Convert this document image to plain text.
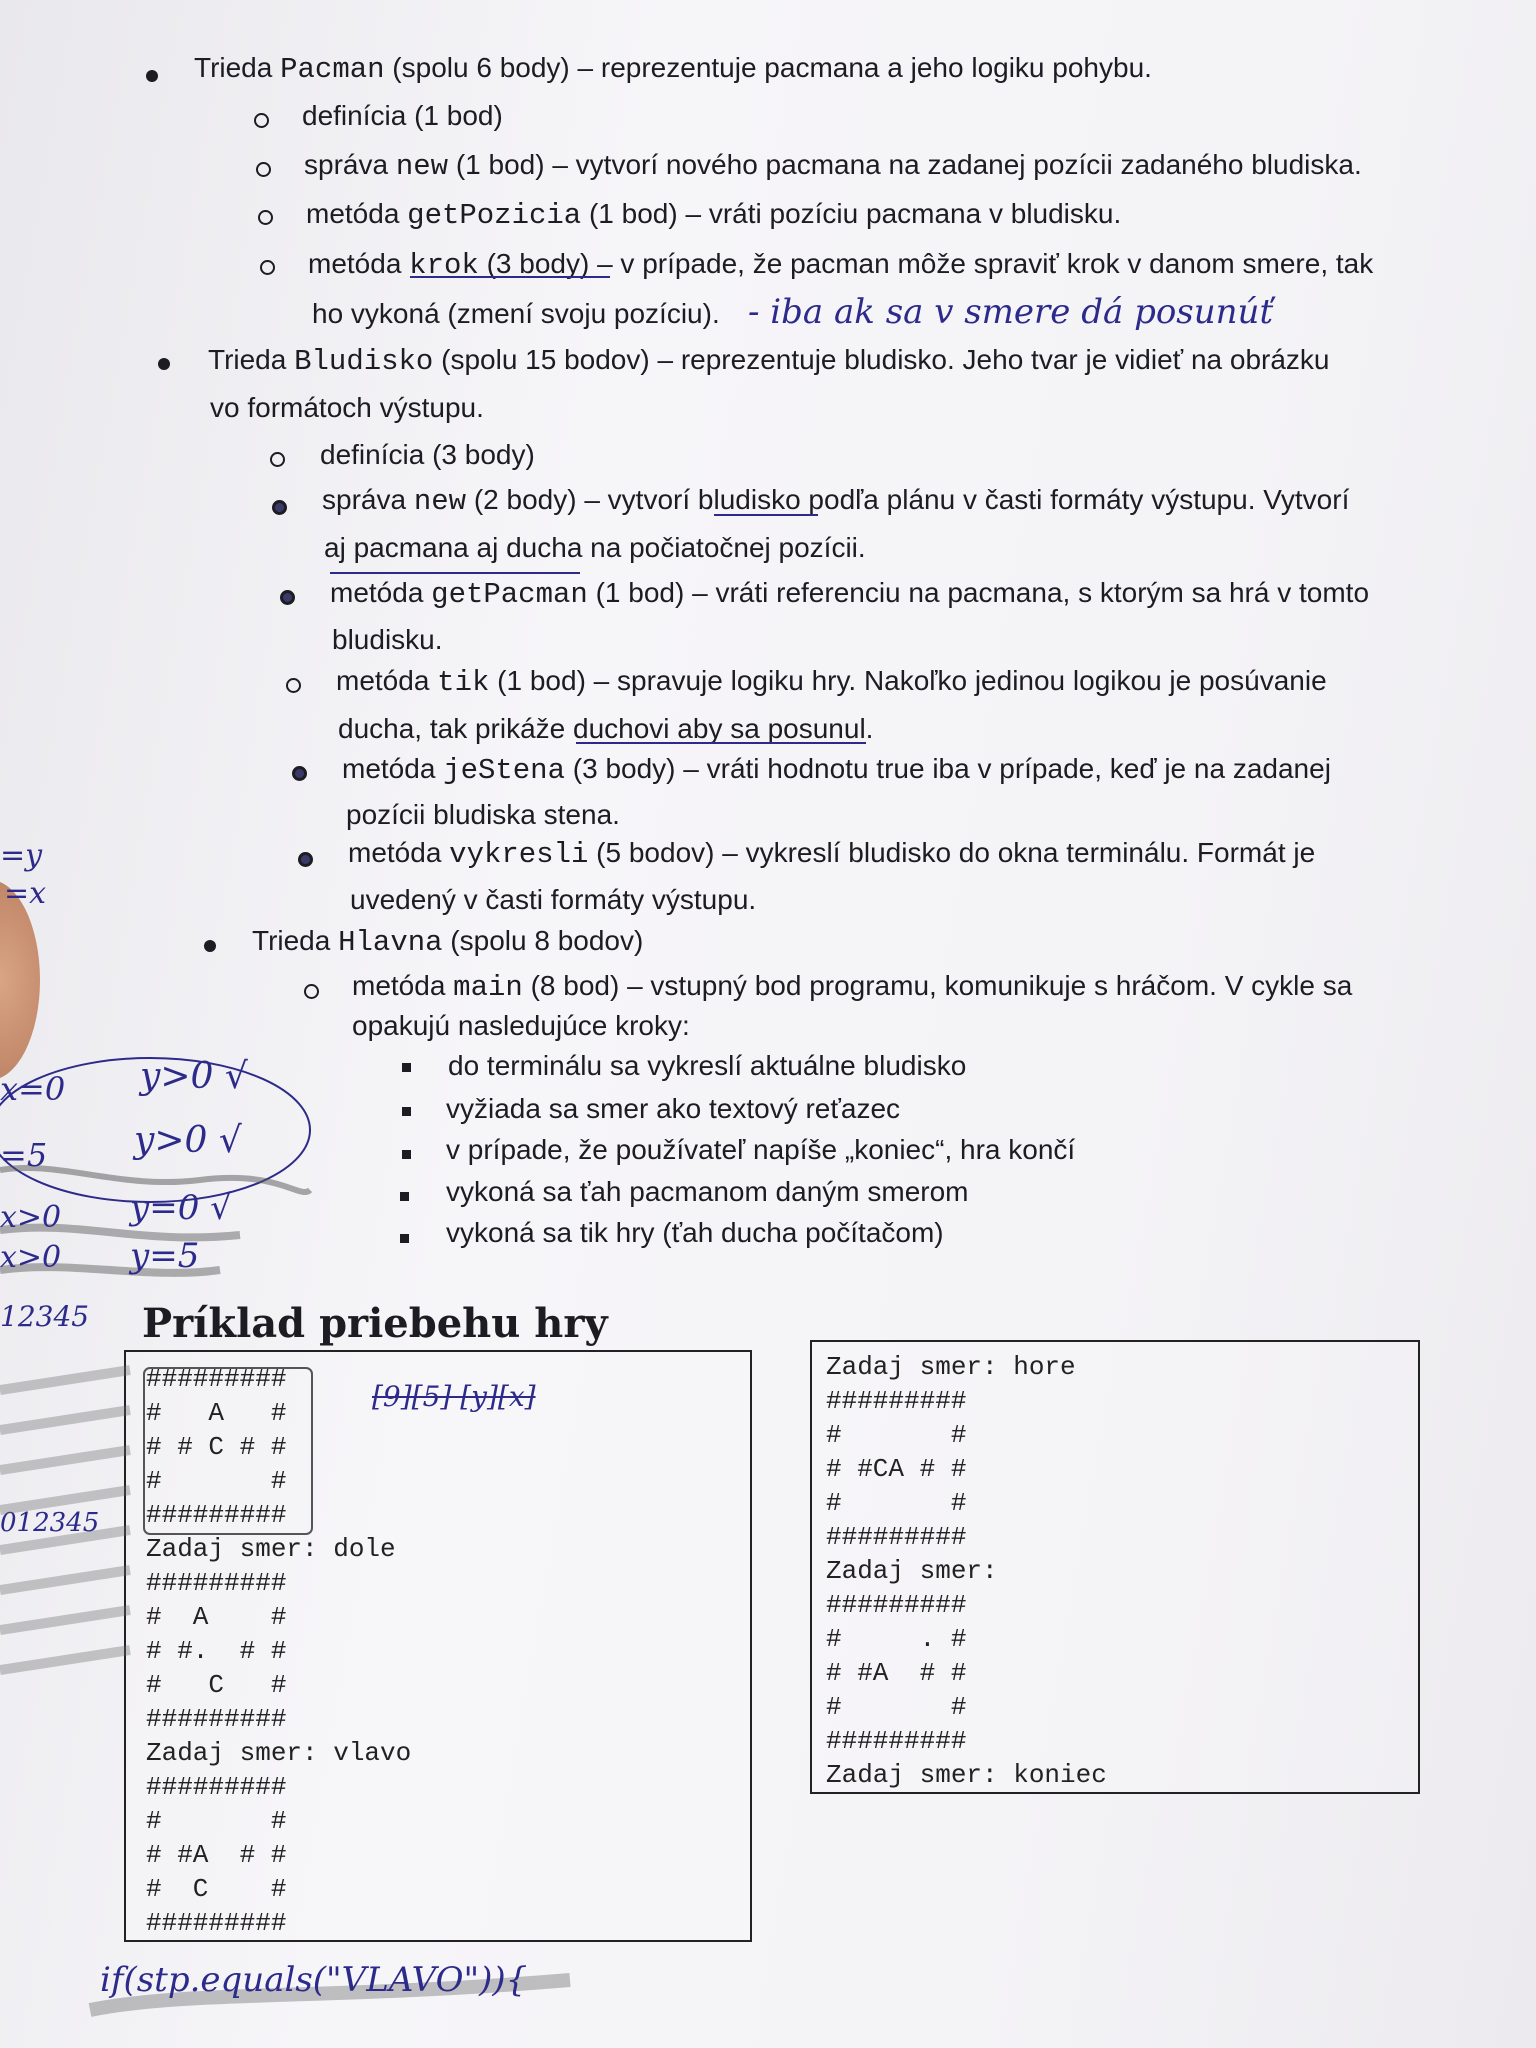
Trieda Pacman (spolu 6 body) – reprezentuje pacmana a jeho logiku pohybu.
definícia (1 bod)
správa new (1 bod) – vytvorí nového pacmana na zadanej pozícii zadaného bludiska.
metóda getPozicia (1 bod) – vráti pozíciu pacmana v bludisku.
metóda krok (3 body) – v prípade, že pacman môže spraviť krok v danom smere, tak
ho vykoná (zmení svoju pozíciu). - iba ak sa v smere dá posunúť
Trieda Bludisko (spolu 15 bodov) – reprezentuje bludisko. Jeho tvar je vidieť na obrázku
vo formátoch výstupu.
definícia (3 body)
správa new (2 body) – vytvorí bludisko podľa plánu v časti formáty výstupu. Vytvorí
aj pacmana aj ducha na počiatočnej pozícii.
metóda getPacman (1 bod) – vráti referenciu na pacmana, s ktorým sa hrá v tomto
bludisku.
metóda tik (1 bod) – spravuje logiku hry. Nakoľko jedinou logikou je posúvanie
ducha, tak prikáže duchovi aby sa posunul.
metóda jeStena (3 body) – vráti hodnotu true iba v prípade, keď je na zadanej
pozícii bludiska stena.
metóda vykresli (5 bodov) – vykreslí bludisko do okna terminálu. Formát je
uvedený v časti formáty výstupu.
Trieda Hlavna (spolu 8 bodov)
metóda main (8 bod) – vstupný bod programu, komunikuje s hráčom. V cykle sa
opakujú nasledujúce kroky:
do terminálu sa vykreslí aktuálne bludisko
vyžiada sa smer ako textový reťazec
v prípade, že používateľ napíše „koniec“, hra končí
vykoná sa ťah pacmanom daným smerom
vykoná sa tik hry (ťah ducha počítačom)
Príklad priebehu hry
#########
#   A   #
# # C # #
#       #
#########
Zadaj smer: dole
#########
#  A    #
# #.  # #
#   C   #
#########
Zadaj smer: vlavo
#########
#       #
# #A  # #
#  C    #
#########
Zadaj smer: hore
#########
#       #
# #CA # #
#       #
#########
Zadaj smer:
#########
#     . #
# #A  # #
#       #
#########
Zadaj smer: koniec
=y
=x
x=0 y>0 √
=5 y>0 √
x>0 y=0 √
x>0 y=5
12345
012345
[9][5] [y][x]
if(stp.equals("VLAVO")){
